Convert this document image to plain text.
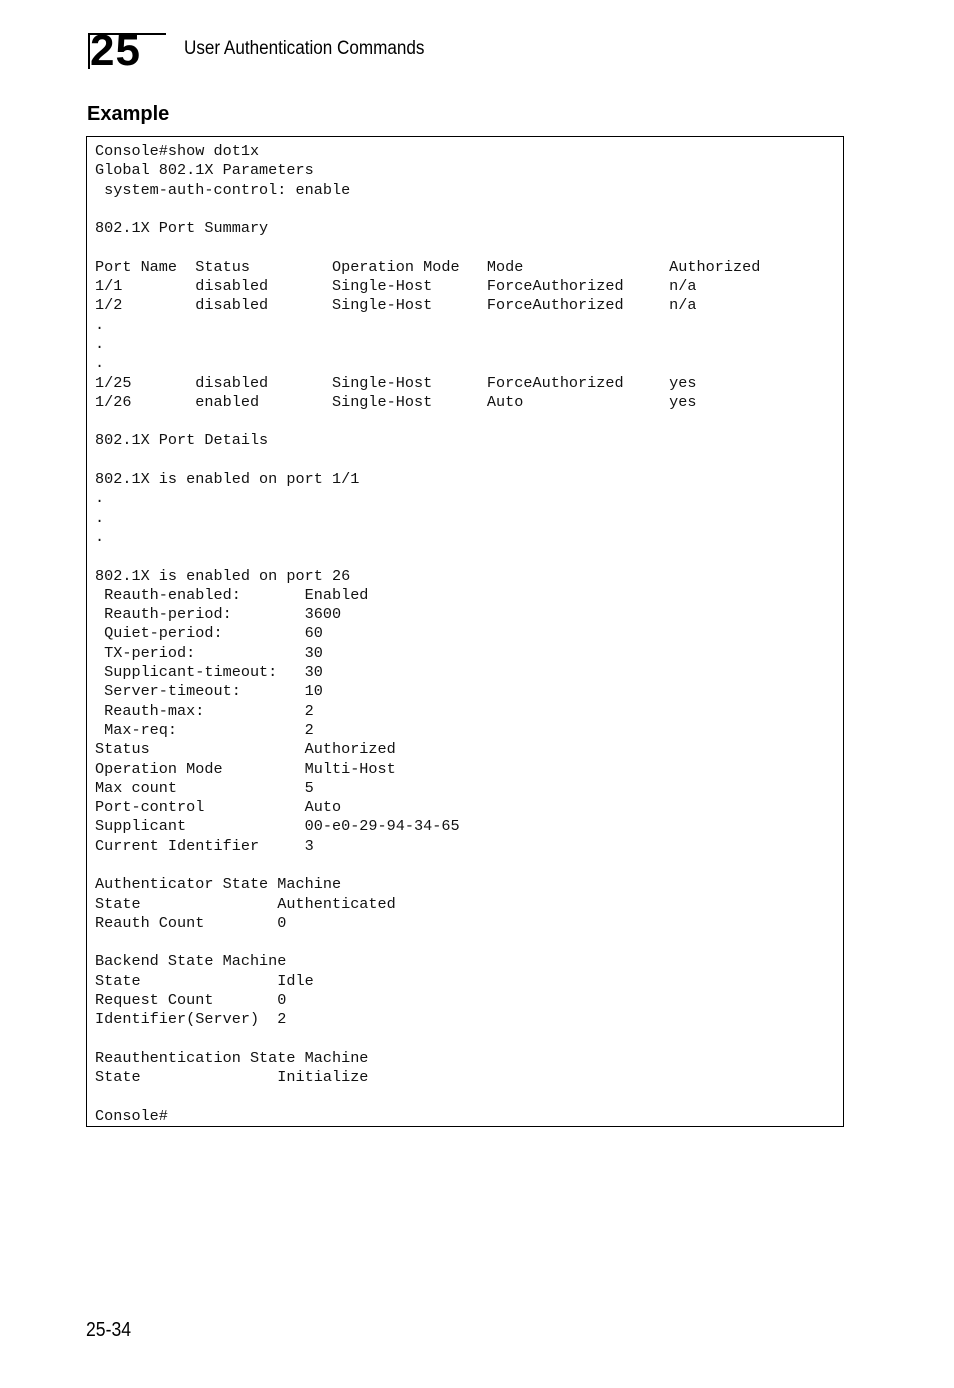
25 User Authentication Commands
Example
Console#show dot1x
Global 802.1X Parameters
system-auth-control: enable

802.1X Port Summary

Port Name  Status         Operation Mode   Mode                Authorized
1/1        disabled       Single-Host      ForceAuthorized     n/a
1/2        disabled       Single-Host      ForceAuthorized     n/a
.
.
.
1/25       disabled       Single-Host      ForceAuthorized     yes
1/26       enabled        Single-Host      Auto                yes

802.1X Port Details

802.1X is enabled on port 1/1
.
.
.

802.1X is enabled on port 26
Reauth-enabled:       Enabled
Reauth-period:        3600
Quiet-period:         60
TX-period:            30
Supplicant-timeout:   30
Server-timeout:       10
Reauth-max:           2
Max-req:              2
Status                 Authorized
Operation Mode         Multi-Host
Max count              5
Port-control           Auto
Supplicant             00-e0-29-94-34-65
Current Identifier     3

Authenticator State Machine
State               Authenticated
Reauth Count        0

Backend State Machine
State               Idle
Request Count       0
Identifier(Server)  2

Reauthentication State Machine
State               Initialize

Console#
25-34
